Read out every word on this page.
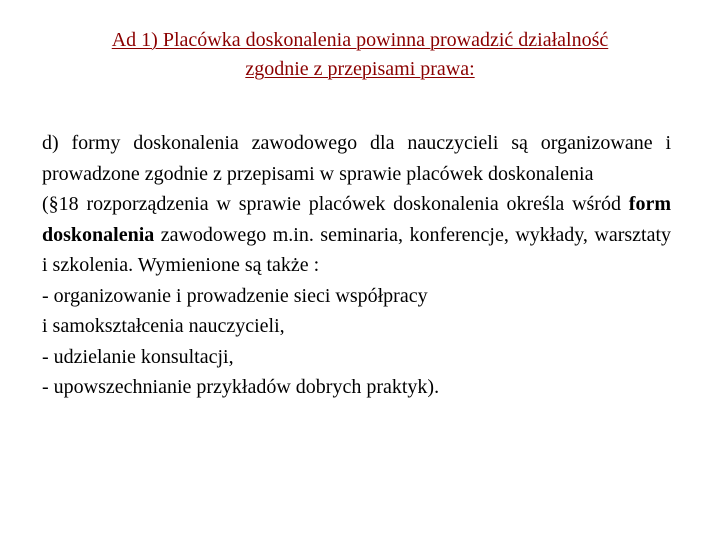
Ad 1) Placówka doskonalenia powinna prowadzić działalność
zgodnie z przepisami prawa:

d) formy doskonalenia zawodowego dla nauczycieli są organizowane i prowadzone zgodnie z przepisami w sprawie placówek doskonalenia

(§18 rozporządzenia w sprawie placówek doskonalenia określa wśród form doskonalenia zawodowego m.in. seminaria, konferencje, wykłady, warsztaty i szkolenia. Wymienione są także :

- organizowanie i prowadzenie sieci współpracy
i samokształcenia nauczycieli,

- udzielanie konsultacji,

- upowszechnianie przykładów dobrych praktyk).
